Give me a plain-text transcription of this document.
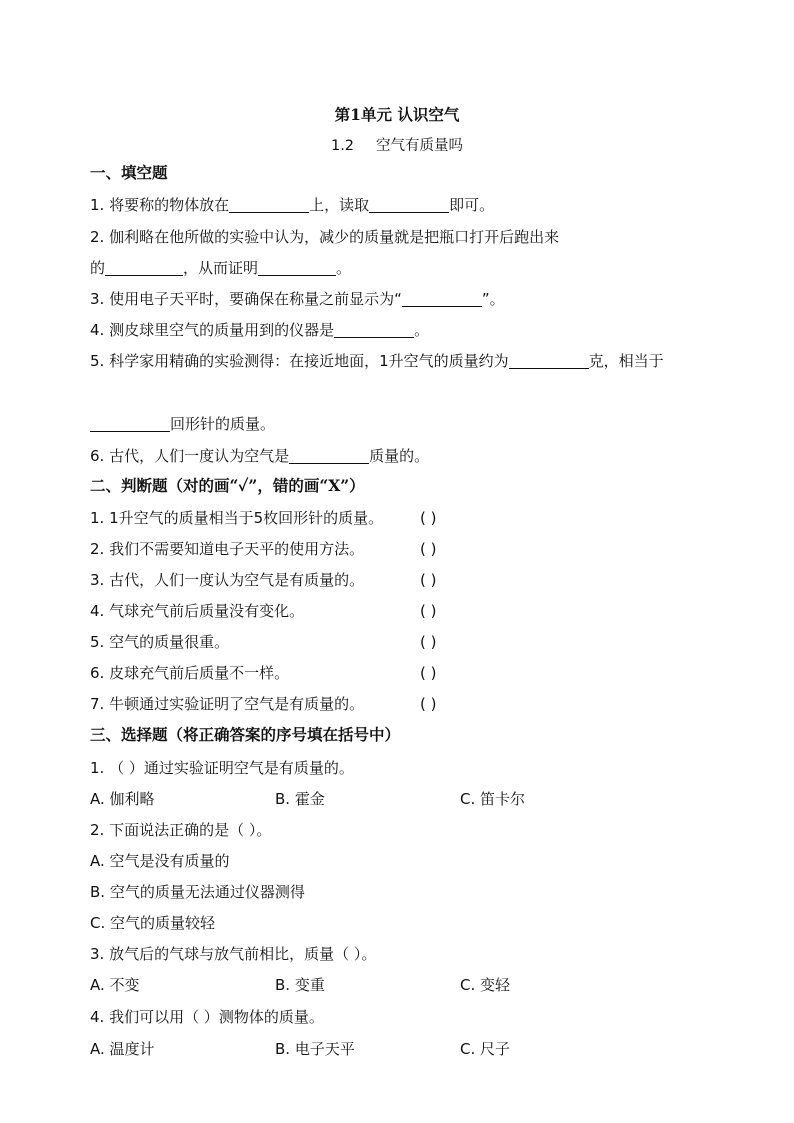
第1单元 认识空气
1.2 空气有质量吗
一、填空题
1. 将要称的物体放在	上，读取	即可。
2. 伽利略在他所做的实验中认为，减少的质量就是把瓶口打开后跑出来
的	，从而证明	。
3. 使用电子天平时，要确保在称量之前显示为“	”。
4. 测皮球里空气的质量用到的仪器是	。
5. 科学家用精确的实验测得：在接近地面，1升空气的质量约为	克，相当于
回形针的质量。
6. 古代，人们一度认为空气是	质量的。
二、判断题（对的画“✓”，错的画“X”）
1. 1升空气的质量相当于5枚回形针的质量。 ( )
2. 我们不需要知道电子天平的使用方法。	( )
3. 古代，人们一度认为空气是有质量的。	( )
4. 气球充气前后质量没有变化。	( )
5. 空气的质量很重。	( )
6. 皮球充气前后质量不一样。	( )
7. 牛顿通过实验证明了空气是有质量的。	( )
三、选择题（将正确答案的序号填在括号中）
1. （ ）通过实验证明空气是有质量的。
A. 伽利略	B. 霍金	C. 笛卡尔
2. 下面说法正确的是（ ）。
A. 空气是没有质量的
B. 空气的质量无法通过仪器测得
C. 空气的质量较轻
3. 放气后的气球与放气前相比，质量（ ）。
A. 不变	B. 变重	C. 变轻
4. 我们可以用（ ）测物体的质量。
A. 温度计	B. 电子天平	C. 尺子
